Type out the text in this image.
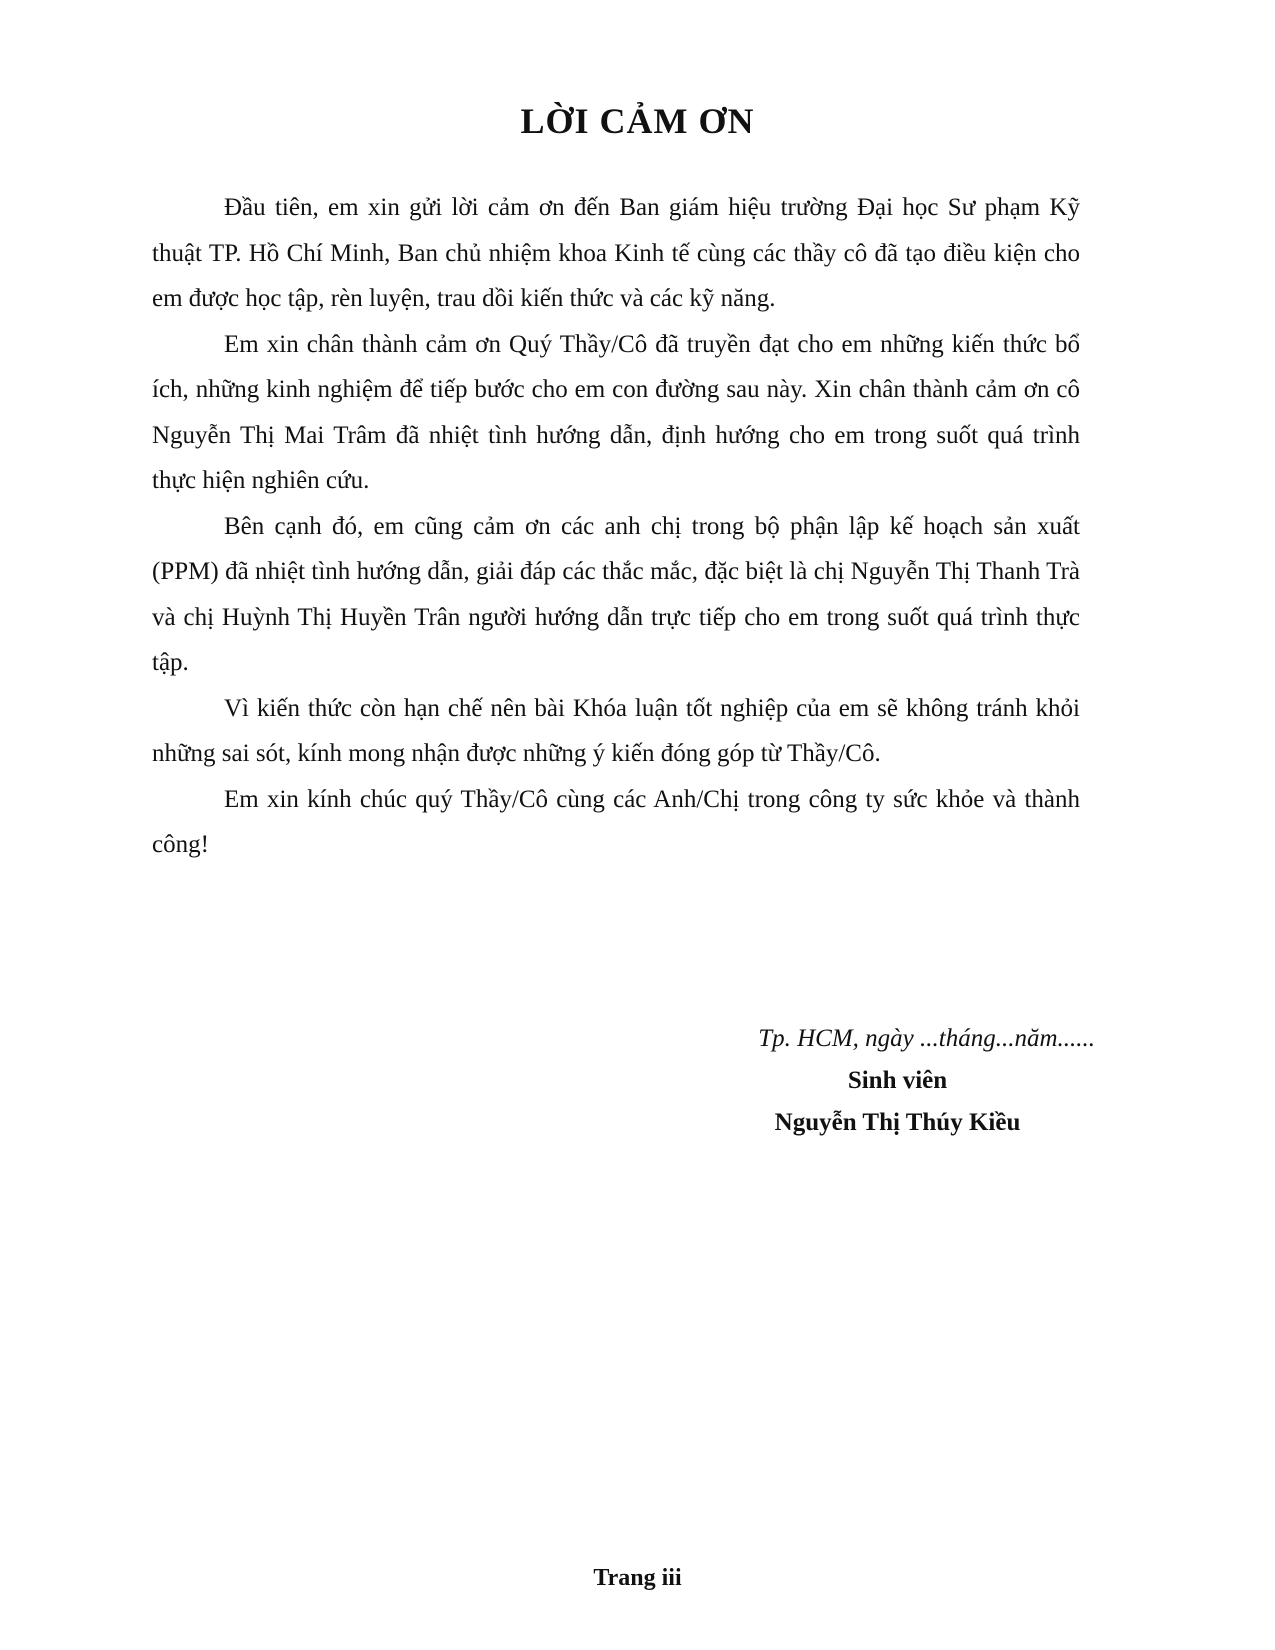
LỜI CẢM ƠN

Đầu tiên, em xin gửi lời cảm ơn đến Ban giám hiệu trường Đại học Sư phạm Kỹ thuật TP. Hồ Chí Minh, Ban chủ nhiệm khoa Kinh tế cùng các thầy cô đã tạo điều kiện cho em được học tập, rèn luyện, trau dồi kiến thức và các kỹ năng.

Em xin chân thành cảm ơn Quý Thầy/Cô đã truyền đạt cho em những kiến thức bổ ích, những kinh nghiệm để tiếp bước cho em con đường sau này. Xin chân thành cảm ơn cô Nguyễn Thị Mai Trâm đã nhiệt tình hướng dẫn, định hướng cho em trong suốt quá trình thực hiện nghiên cứu.

Bên cạnh đó, em cũng cảm ơn các anh chị trong bộ phận lập kế hoạch sản xuất (PPM) đã nhiệt tình hướng dẫn, giải đáp các thắc mắc, đặc biệt là chị Nguyễn Thị Thanh Trà và chị Huỳnh Thị Huyền Trân người hướng dẫn trực tiếp cho em trong suốt quá trình thực tập.

Vì kiến thức còn hạn chế nên bài Khóa luận tốt nghiệp của em sẽ không tránh khỏi những sai sót, kính mong nhận được những ý kiến đóng góp từ Thầy/Cô.

Em xin kính chúc quý Thầy/Cô cùng các Anh/Chị trong công ty sức khỏe và thành công!

Tp. HCM, ngày ...tháng...năm......
Sinh viên
Nguyễn Thị Thúy Kiều
Trang iii
